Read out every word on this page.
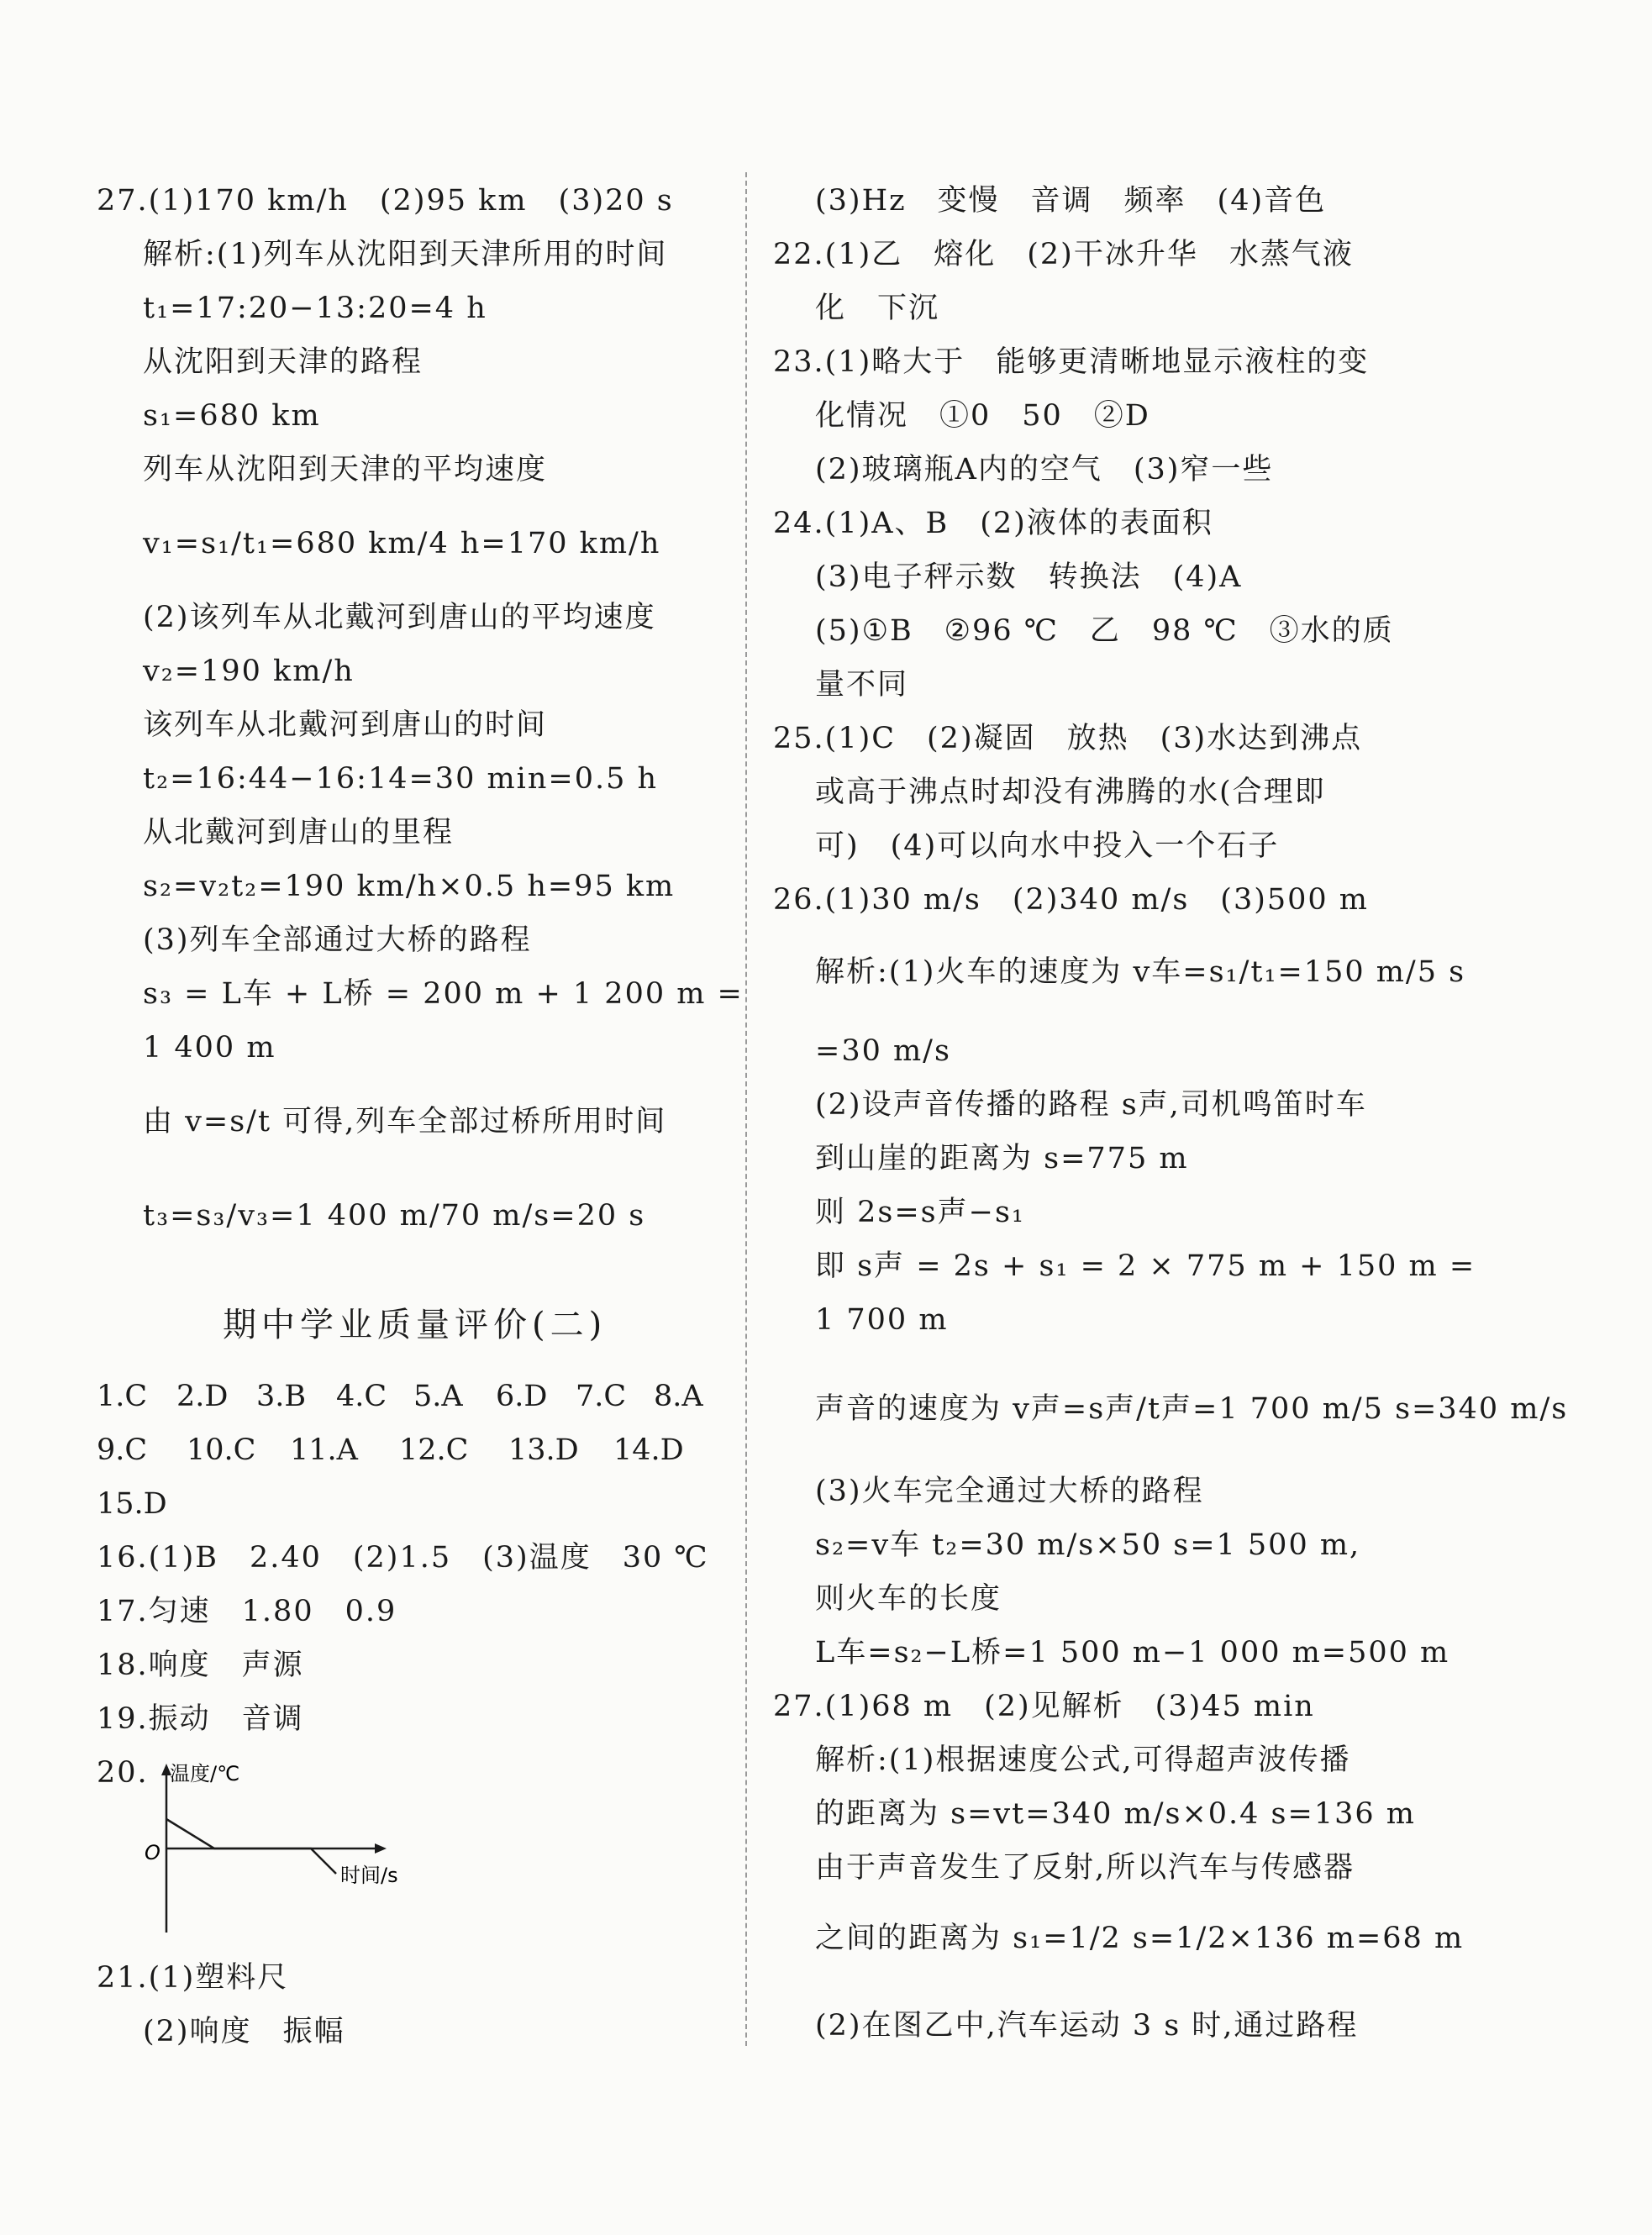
27.(1)170 km/h　(2)95 km　(3)20 s
解析:(1)列车从沈阳到天津所用的时间
t₁=17:20−13:20=4 h
从沈阳到天津的路程
s₁=680 km
列车从沈阳到天津的平均速度
v₁=s₁/t₁=680 km/4 h=170 km/h
(2)该列车从北戴河到唐山的平均速度
v₂=190 km/h
该列车从北戴河到唐山的时间
t₂=16:44−16:14=30 min=0.5 h
从北戴河到唐山的里程
s₂=v₂t₂=190 km/h×0.5 h=95 km
(3)列车全部通过大桥的路程
s₃ = L车 + L桥 = 200 m + 1 200 m =
1 400 m
由 v=s/t 可得,列车全部过桥所用时间
t₃=s₃/v₃=1 400 m/70 m/s=20 s
期中学业质量评价(二)
1.C 2.D 3.B 4.C 5.A 6.D 7.C 8.A
9.C 10.C 11.A 12.C 13.D 14.D
15.D
16.(1)B　2.40　(2)1.5　(3)温度　30 ℃
17.匀速　1.80　0.9
18.响度　声源
19.振动　音调
20. 温度/℃
O
时间/s
21.(1)塑料尺
(2)响度　振幅
(3)Hz　变慢　音调　频率　(4)音色
22.(1)乙　熔化　(2)干冰升华　水蒸气液
化　下沉
23.(1)略大于　能够更清晰地显示液柱的变
化情况　①0　50　②D
(2)玻璃瓶A内的空气　(3)窄一些
24.(1)A、B　(2)液体的表面积
(3)电子秤示数　转换法　(4)A
(5)①B　②96 ℃　乙　98 ℃　③水的质
量不同
25.(1)C　(2)凝固　放热　(3)水达到沸点
或高于沸点时却没有沸腾的水(合理即
可)　(4)可以向水中投入一个石子
26.(1)30 m/s　(2)340 m/s　(3)500 m
解析:(1)火车的速度为 v车=s₁/t₁=150 m/5 s
=30 m/s
(2)设声音传播的路程 s声,司机鸣笛时车
到山崖的距离为 s=775 m
则 2s=s声−s₁
即 s声 = 2s + s₁ = 2 × 775 m + 150 m =
1 700 m
声音的速度为 v声=s声/t声=1 700 m/5 s=340 m/s
(3)火车完全通过大桥的路程
s₂=v车 t₂=30 m/s×50 s=1 500 m,
则火车的长度
L车=s₂−L桥=1 500 m−1 000 m=500 m
27.(1)68 m　(2)见解析　(3)45 min
解析:(1)根据速度公式,可得超声波传播
的距离为 s=vt=340 m/s×0.4 s=136 m
由于声音发生了反射,所以汽车与传感器
之间的距离为 s₁=1/2 s=1/2×136 m=68 m
(2)在图乙中,汽车运动 3 s 时,通过路程
